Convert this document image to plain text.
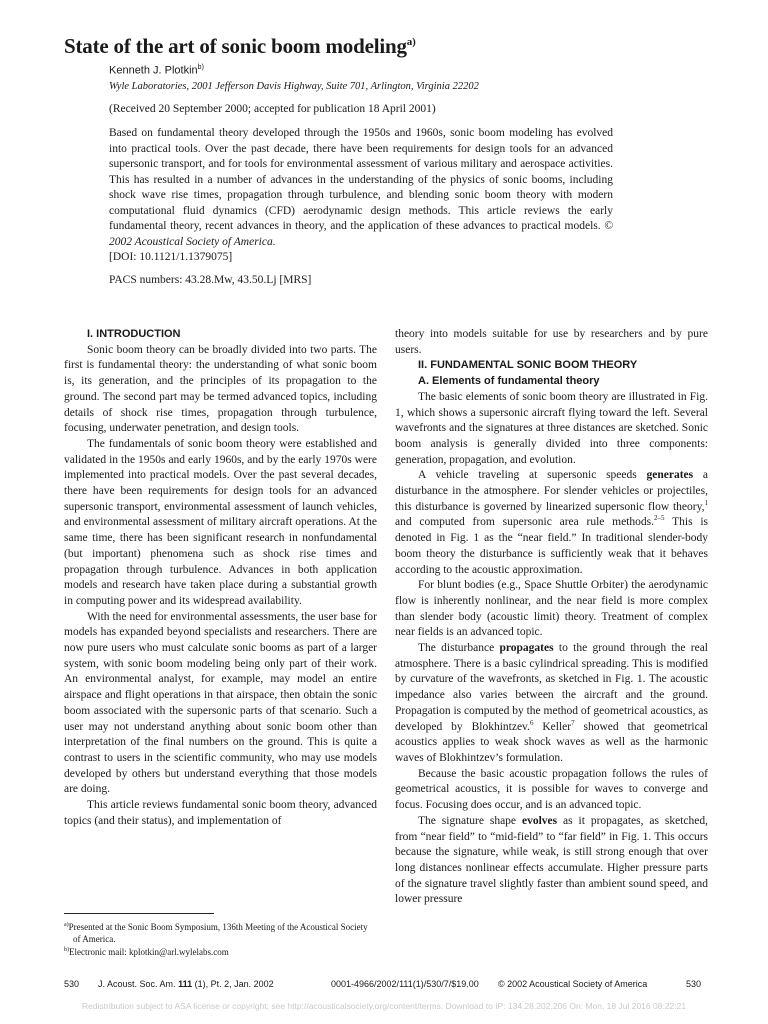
State of the art of sonic boom modeling$^{a)}$
Kenneth J. Plotkin$^{b)}$
Wyle Laboratories, 2001 Jefferson Davis Highway, Suite 701, Arlington, Virginia 22202
(Received 20 September 2000; accepted for publication 18 April 2001)
Based on fundamental theory developed through the 1950s and 1960s, sonic boom modeling has evolved into practical tools. Over the past decade, there have been requirements for design tools for an advanced supersonic transport, and for tools for environmental assessment of various military and aerospace activities. This has resulted in a number of advances in the understanding of the physics of sonic booms, including shock wave rise times, propagation through turbulence, and blending sonic boom theory with modern computational fluid dynamics (CFD) aerodynamic design methods. This article reviews the early fundamental theory, recent advances in theory, and the application of these advances to practical models. © 2002 Acoustical Society of America.
[DOI: 10.1121/1.1379075]
PACS numbers: 43.28.Mw, 43.50.Lj [MRS]

I. INTRODUCTION

Sonic boom theory can be broadly divided into two parts. The first is fundamental theory: the understanding of what sonic boom is, its generation, and the principles of its propagation to the ground. The second part may be termed advanced topics, including details of shock rise times, propagation through turbulence, focusing, underwater penetration, and design tools.

The fundamentals of sonic boom theory were established and validated in the 1950s and early 1960s, and by the early 1970s were implemented into practical models. Over the past several decades, there have been requirements for design tools for an advanced supersonic transport, environmental assessment of launch vehicles, and environmental assessment of military aircraft operations. At the same time, there has been significant research in nonfundamental (but important) phenomena such as shock rise times and propagation through turbulence. Advances in both application models and research have taken place during a substantial growth in computing power and its widespread availability.

With the need for environmental assessments, the user base for models has expanded beyond specialists and researchers. There are now pure users who must calculate sonic booms as part of a larger system, with sonic boom modeling being only part of their work. An environmental analyst, for example, may model an entire airspace and flight operations in that airspace, then obtain the sonic boom associated with the supersonic parts of that scenario. Such a user may not understand anything about sonic boom other than interpretation of the final numbers on the ground. This is quite a contrast to users in the scientific community, who may use models developed by others but understand everything that those models are doing.

This article reviews fundamental sonic boom theory, advanced topics (and their status), and implementation of

theory into models suitable for use by researchers and by pure users.

II. FUNDAMENTAL SONIC BOOM THEORY

A. Elements of fundamental theory

The basic elements of sonic boom theory are illustrated in Fig. 1, which shows a supersonic aircraft flying toward the left. Several wavefronts and the signatures at three distances are sketched. Sonic boom analysis is generally divided into three components: generation, propagation, and evolution.

A vehicle traveling at supersonic speeds generates a disturbance in the atmosphere. For slender vehicles or projectiles, this disturbance is governed by linearized supersonic flow theory,$^1$ and computed from supersonic area rule methods.$^{2-5}$ This is denoted in Fig. 1 as the “near field.” In traditional slender-body boom theory the disturbance is sufficiently weak that it behaves according to the acoustic approximation.

For blunt bodies (e.g., Space Shuttle Orbiter) the aerodynamic flow is inherently nonlinear, and the near field is more complex than slender body (acoustic limit) theory. Treatment of complex near fields is an advanced topic.

The disturbance propagates to the ground through the real atmosphere. There is a basic cylindrical spreading. This is modified by curvature of the wavefronts, as sketched in Fig. 1. The acoustic impedance also varies between the aircraft and the ground. Propagation is computed by the method of geometrical acoustics, as developed by Blokhintzev.$^6$ Keller$^7$ showed that geometrical acoustics applies to weak shock waves as well as the harmonic waves of Blokhintzev’s formulation.

Because the basic acoustic propagation follows the rules of geometrical acoustics, it is possible for waves to converge and focus. Focusing does occur, and is an advanced topic.

The signature shape evolves as it propagates, as sketched, from “near field” to “mid-field” to “far field” in Fig. 1. This occurs because the signature, while weak, is still strong enough that over long distances nonlinear effects accumulate. Higher pressure parts of the signature travel slightly faster than ambient sound speed, and lower pressure

$^{a)}$Presented at the Sonic Boom Symposium, 136th Meeting of the Acoustical Society of America.

$^{b)}$Electronic mail: kplotkin@arl.wylelabs.com

530 J. Acoust. Soc. Am. 111 (1), Pt. 2, Jan. 2002	0001-4966/2002/111(1)/530/7/$19.00 © 2002 Acoustical Society of America	530
Redistribution subject to ASA license or copyright; see http://acousticalsociety.org/content/terms. Download to IP: 134.28.202.206 On: Mon, 18 Jul 2016 08:22:21
